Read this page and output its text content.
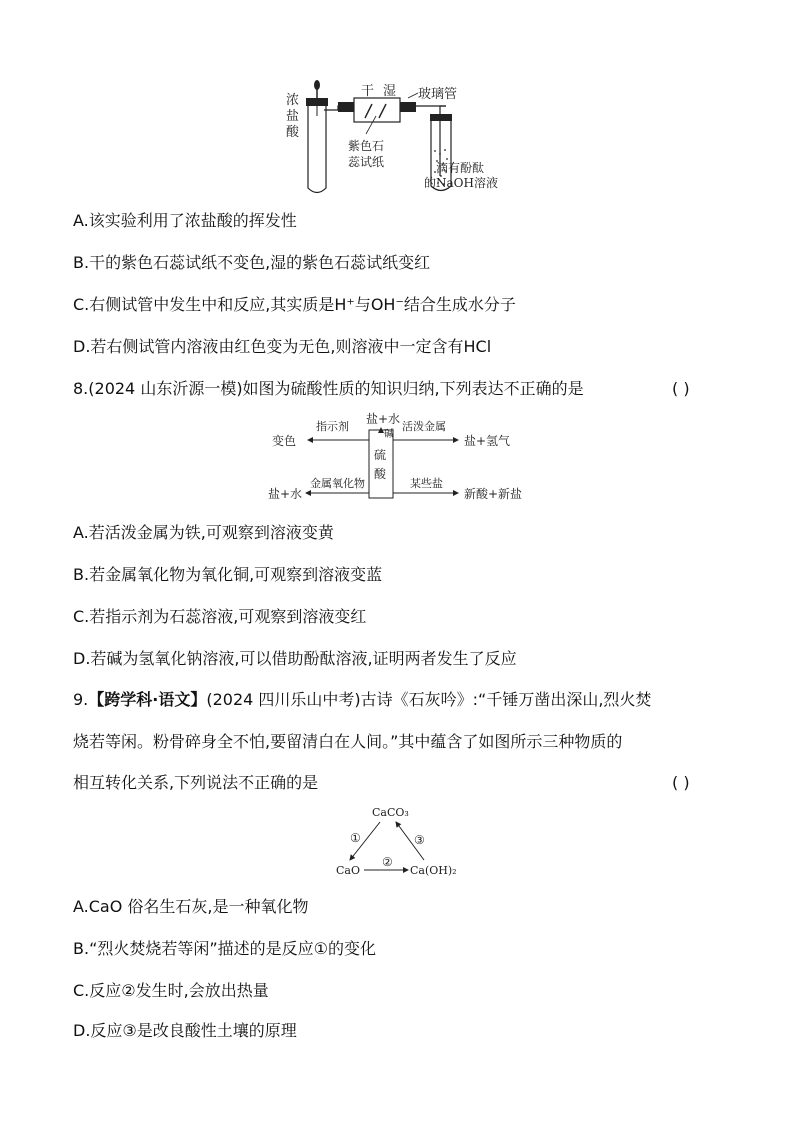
浓
盐
酸
干 湿 玻璃管
紫色石
蕊试纸	滴有酚酞
的NaOH溶液
A.该实验利用了浓盐酸的挥发性
B.干的紫色石蕊试纸不变色,湿的紫色石蕊试纸变红
C.右侧试管中发生中和反应,其实质是H⁺与OH⁻结合生成水分子
D.若右侧试管内溶液由红色变为无色,则溶液中一定含有HCl
8.(2024 山东沂源一模)如图为硫酸性质的知识归纳,下列表达不正确的是	( )
硫
酸
盐+水
碱
指示剂
变色
金属氧化物
盐+水
活泼金属
盐+氢气
某些盐
新酸+新盐
A.若活泼金属为铁,可观察到溶液变黄
B.若金属氧化物为氧化铜,可观察到溶液变蓝
C.若指示剂为石蕊溶液,可观察到溶液变红
D.若碱为氢氧化钠溶液,可以借助酚酞溶液,证明两者发生了反应
9.【跨学科·语文】(2024 四川乐山中考)古诗《石灰吟》:“千锤万凿出深山,烈火焚
烧若等闲。粉骨碎身全不怕,要留清白在人间。”其中蕴含了如图所示三种物质的
相互转化关系,下列说法不正确的是	( )
CaCO₃
CaO	Ca(OH)₂
①
②
③
A.CaO 俗名生石灰,是一种氧化物
B.“烈火焚烧若等闲”描述的是反应①的变化
C.反应②发生时,会放出热量
D.反应③是改良酸性土壤的原理
